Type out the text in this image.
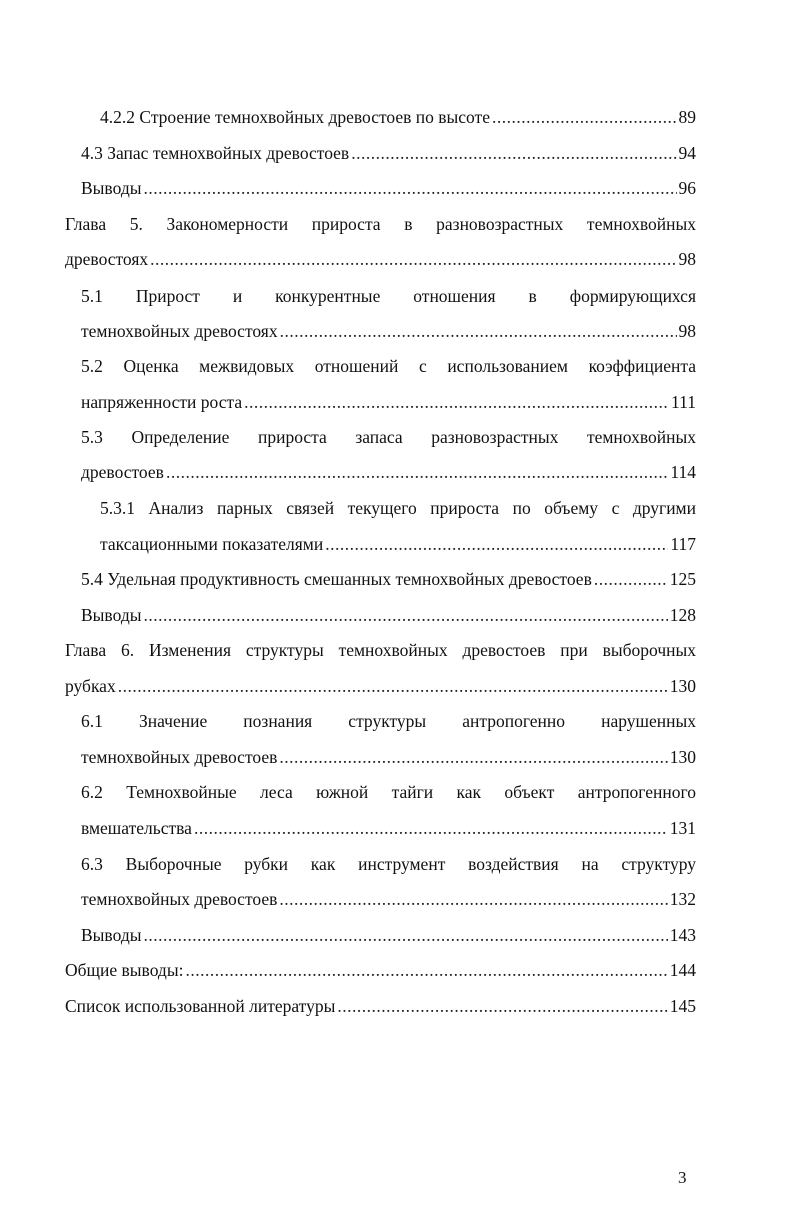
4.2.2 Строение темнохвойных древостоев по высоте .....	89
4.3 Запас темнохвойных древостоев .....	94
Выводы .....	96
Глава 5. Закономерности прироста в разновозрастных темнохвойных
древостоях .....	98
5.1 Прирост и конкурентные отношения в формирующихся
темнохвойных древостоях .....	98
5.2 Оценка межвидовых отношений с использованием коэффициента
напряженности роста .....	111
5.3 Определение прироста запаса разновозрастных темнохвойных
древостоев .....	114
5.3.1 Анализ парных связей текущего прироста по объему с другими
таксационными показателями .....	117
5.4 Удельная продуктивность смешанных темнохвойных древостоев .....	125
Выводы .....	128
Глава 6. Изменения структуры темнохвойных древостоев при выборочных
рубках .....	130
6.1 Значение познания структуры антропогенно нарушенных
темнохвойных древостоев .....	130
6.2 Темнохвойные леса южной тайги как объект антропогенного
вмешательства .....	131
6.3 Выборочные рубки как инструмент воздействия на структуру
темнохвойных древостоев .....	132
Выводы .....	143
Общие выводы: .....	144
Список использованной литературы .....	145
3
